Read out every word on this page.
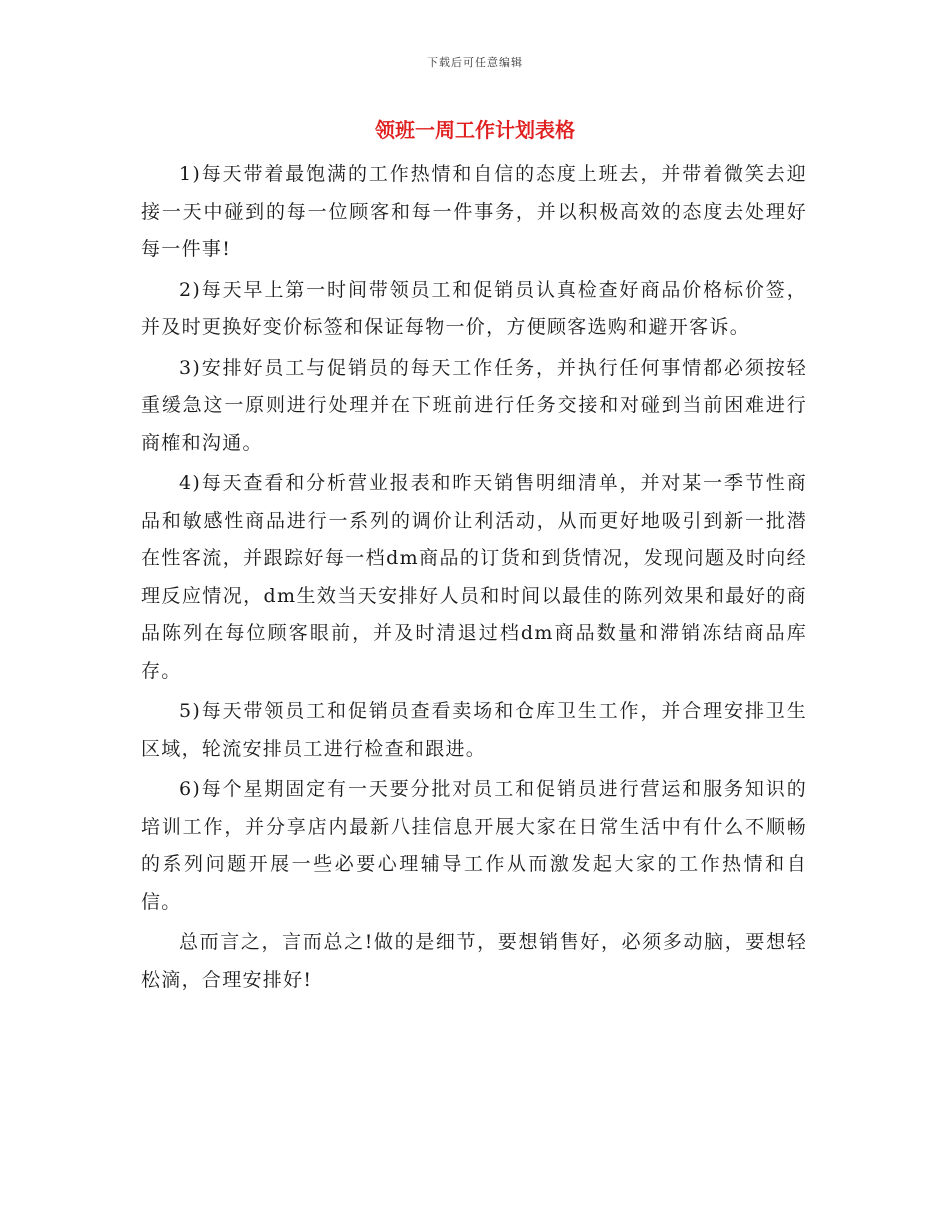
下载后可任意编辑
领班一周工作计划表格

1)每天带着最饱满的工作热情和自信的态度上班去，并带着微笑去迎接一天中碰到的每一位顾客和每一件事务，并以积极高效的态度去处理好每一件事!

2)每天早上第一时间带领员工和促销员认真检查好商品价格标价签，并及时更换好变价标签和保证每物一价，方便顾客选购和避开客诉。

3)安排好员工与促销员的每天工作任务，并执行任何事情都必须按轻重缓急这一原则进行处理并在下班前进行任务交接和对碰到当前困难进行商榷和沟通。

4)每天查看和分析营业报表和昨天销售明细清单，并对某一季节性商品和敏感性商品进行一系列的调价让利活动，从而更好地吸引到新一批潜在性客流，并跟踪好每一档dm商品的订货和到货情况，发现问题及时向经理反应情况，dm生效当天安排好人员和时间以最佳的陈列效果和最好的商品陈列在每位顾客眼前，并及时清退过档dm商品数量和滞销冻结商品库存。

5)每天带领员工和促销员查看卖场和仓库卫生工作，并合理安排卫生区域，轮流安排员工进行检查和跟进。

6)每个星期固定有一天要分批对员工和促销员进行营运和服务知识的培训工作，并分享店内最新八挂信息开展大家在日常生活中有什么不顺畅的系列问题开展一些必要心理辅导工作从而激发起大家的工作热情和自信。

总而言之，言而总之!做的是细节，要想销售好，必须多动脑，要想轻松滴，合理安排好!
